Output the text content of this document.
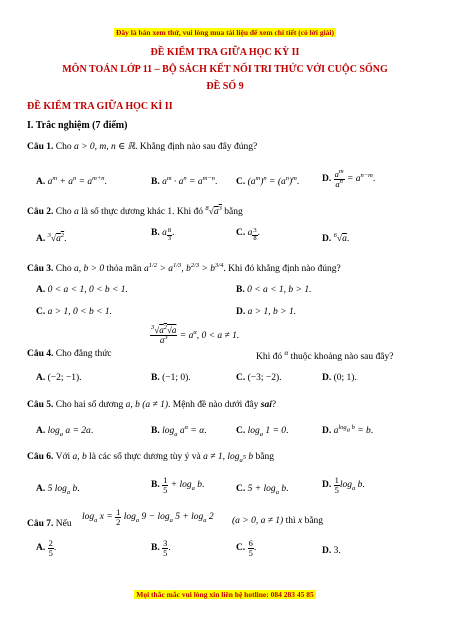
Đây là bản xem thử, vui lòng mua tài liệu để xem chi tiết (có lời giải)
ĐỀ KIỂM TRA GIỮA HỌC KỲ II
MÔN TOÁN LỚP 11 – BỘ SÁCH KẾT NỐI TRI THỨC VỚI CUỘC SỐNG
ĐỀ SỐ 9
ĐỀ KIỂM TRA GIỮA HỌC KÌ II
I. Trắc nghiệm (7 điểm)
Câu 1. Cho a > 0, m, n ∈ ℝ. Khẳng định nào sau đây đúng?
A. $a^m + a^n = a^{m+n}$.	B. $a^m \cdot a^n = a^{m-n}$. C. $(a^m)^n = (a^n)^m$. D. $\frac{a^m}{a^n} = a^{n-m}$.
Câu 2. Cho a là số thực dương khác 1. Khi đó $^8√a^3$ bằng
A. $^3√a^2$.
B. a $\frac{8}{3}$ .	C. a $\frac{3}{8}$ .
D. $^6$√a.
Câu 3. Cho a, b > 0 thỏa mãn $a^{1/2} > a^{1/3}$, $b^{2/3} > b^{3/4}$. Khi đó khẳng định nào đúng?
A. 0 < a < 1, 0 < b < 1.	B. 0 < a < 1, b > 1.
C. a > 1, 0 < b < 1.	D. a > 1, b > 1.
$\frac{^3√a^2√a}{a^3} = a^\alpha$, 0 < a ≠ 1.
Câu 4. Cho đẳng thức	Khi đó $^\alpha$ thuộc khoảng nào sau đây?
A. (−2; −1).	B. (−1; 0).	C. (−3; −2).	D. (0; 1).
Câu 5. Cho hai số dương a, b (a ≠ 1). Mệnh đề nào dưới đây sai?
A. $\log_a a = 2a$.	B. $\log_a a^\alpha = \alpha$.	C. $\log_a 1 = 0$.	D. $a^{log_a b} = b$.
Câu 6. Với a, b là các số thực dương tùy ý và a ≠ 1, $\log_{a^5} b$ bằng
A. 5 $\log_a b$.	B. $\frac{1}{5} + \log_a b$.	C. $5 + \log_a b$.	D. $\frac{1}{5} \log_a b$.
Câu 7. Nếu
$\log_a x = \frac{1}{2} \log_a 9 - \log_a 5 + \log_a 2$ (a > 0, a ≠ 1) thì x bằng
A. $\frac{2}{5}$ .	B. $\frac{3}{5}$ .	C. $\frac{6}{5}$ .	D. 3.
Mọi thắc mắc vui lòng xin liên hệ hotline: 084 283 45 85
